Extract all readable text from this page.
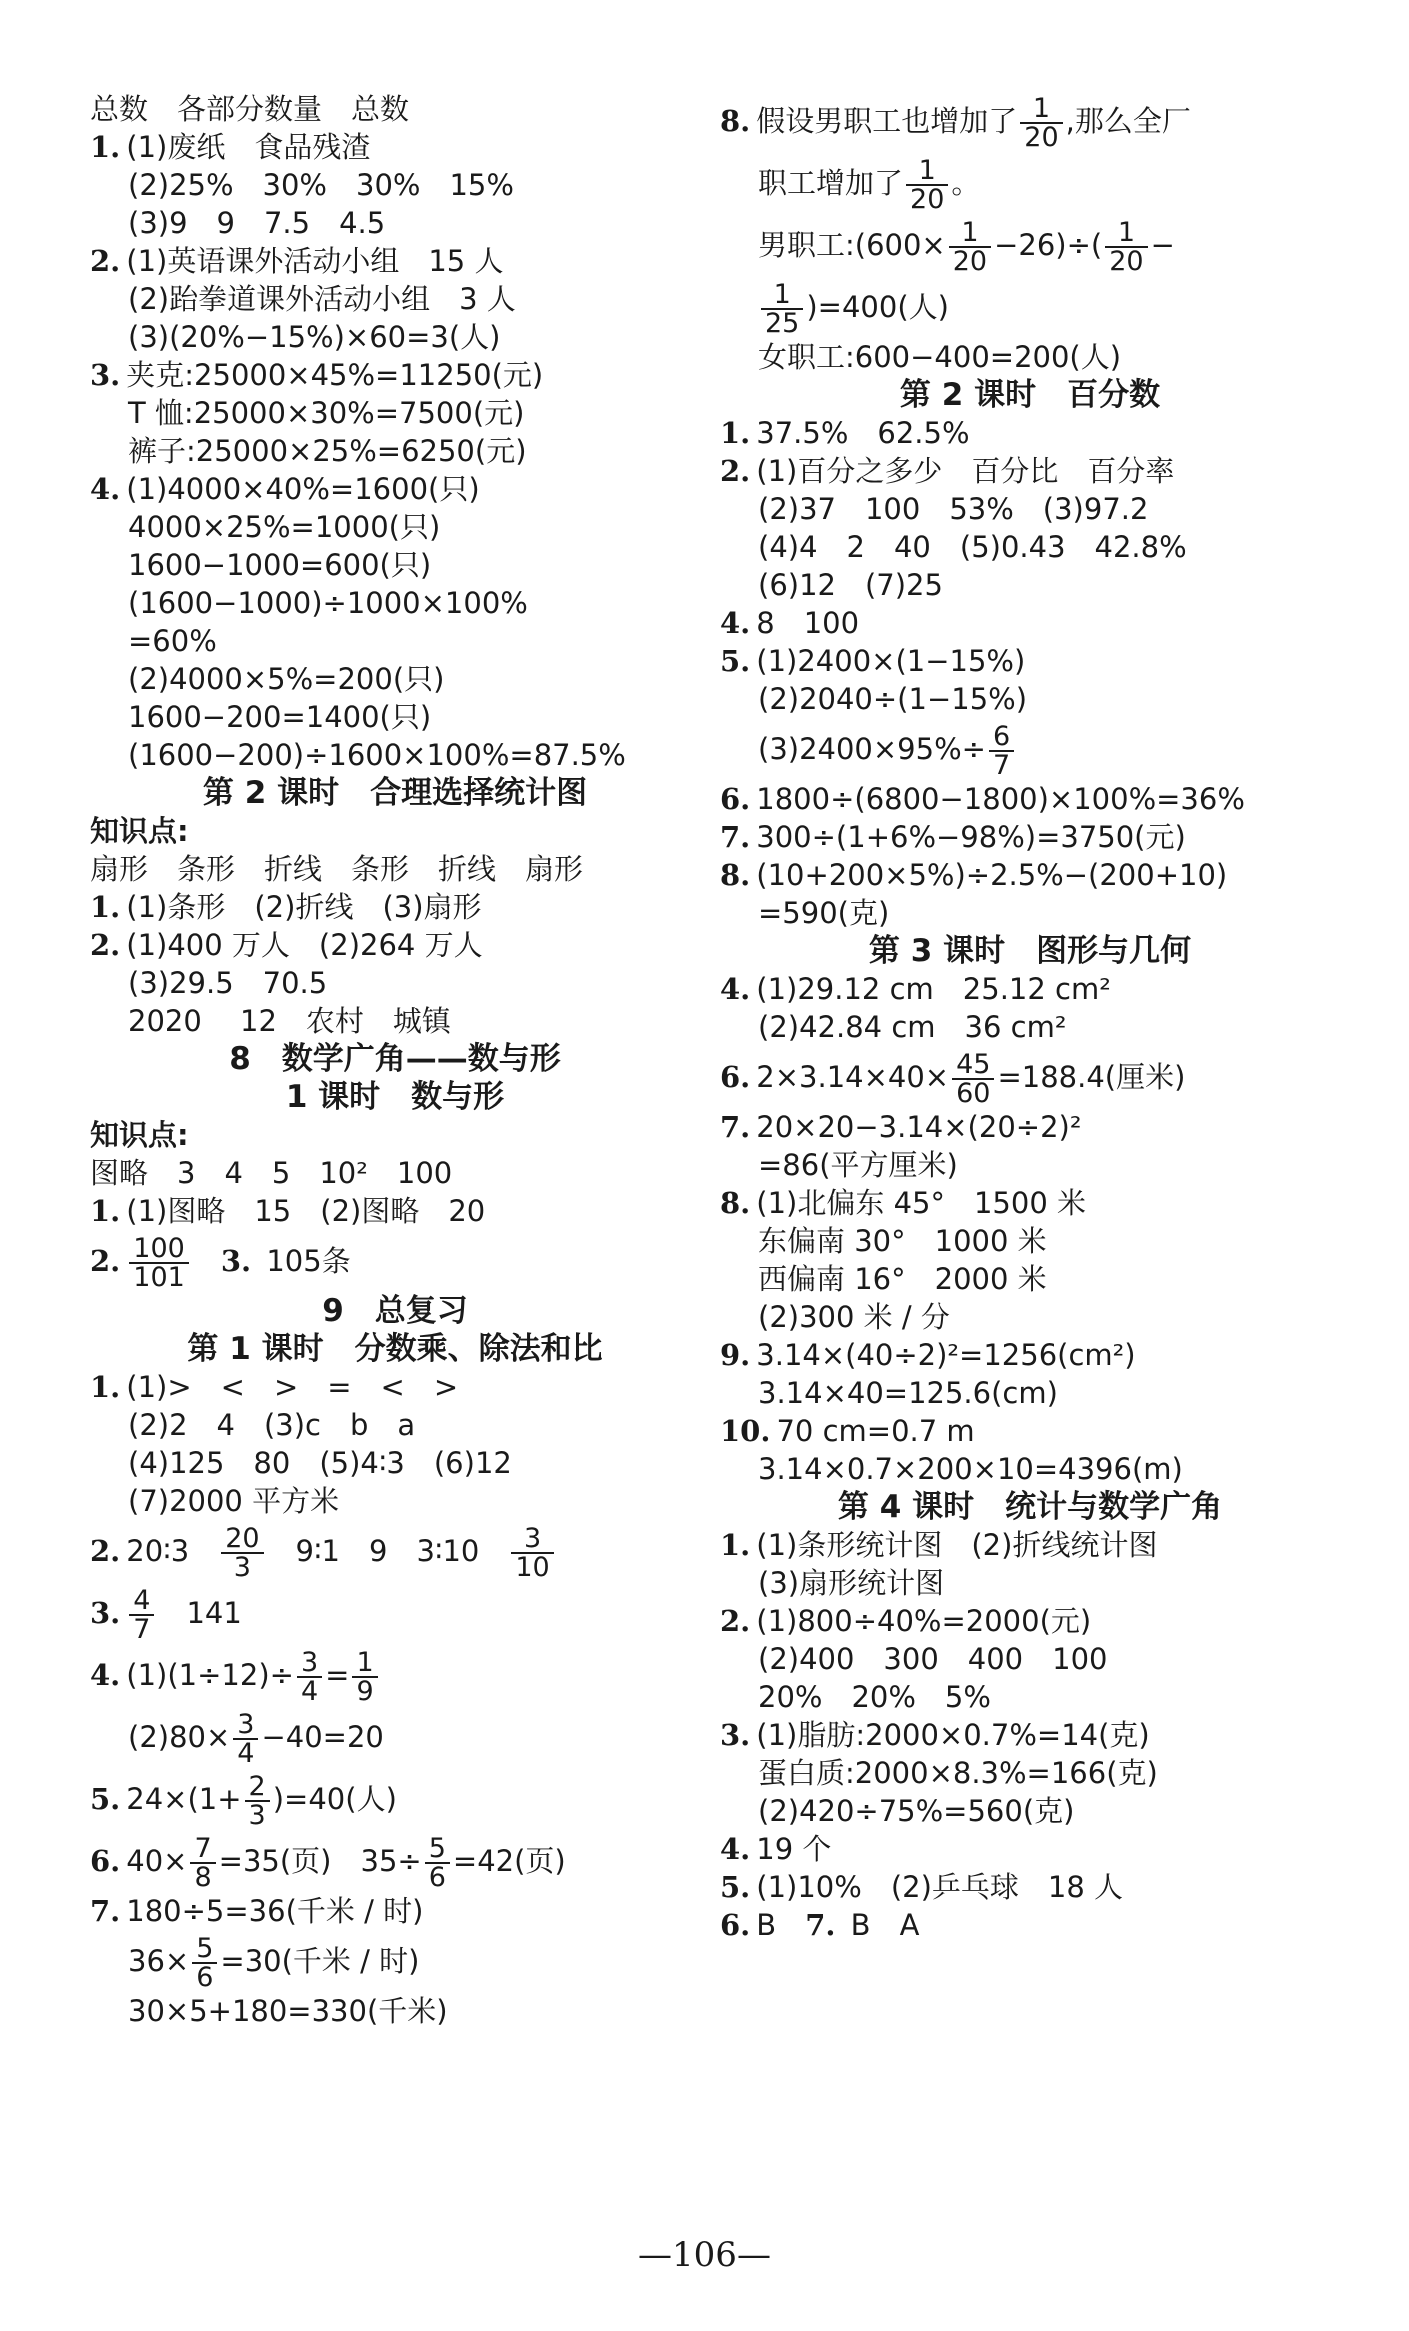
总数　各部分数量　总数
1. (1)废纸　食品残渣
(2)25%　30%　30%　15%
(3)9　9　7.5　4.5
2. (1)英语课外活动小组　15 人
(2)跆拳道课外活动小组　3 人
(3)(20%−15%)×60=3(人)
3. 夹克:25000×45%=11250(元)
T 恤:25000×30%=7500(元)
裤子:25000×25%=6250(元)
4. (1)4000×40%=1600(只)
4000×25%=1000(只)
1600−1000=600(只)
(1600−1000)÷1000×100%
=60%
(2)4000×5%=200(只)
1600−200=1400(只)
(1600−200)÷1600×100%=87.5%
第 2 课时　合理选择统计图
知识点:
扇形　条形　折线　条形　折线　扇形
1. (1)条形　(2)折线　(3)扇形
2. (1)400 万人　(2)264 万人
(3)29.5　70.5
2020　 12　农村　城镇
8　数学广角——数与形
1 课时　数与形
知识点:
图略　3　4　5　10²　100
1. (1)图略　15　(2)图略　20
2. $\frac{100}{101}$
　 3. 105条
9　总复习
第 1 课时　分数乘、除法和比
1. (1)>　<　>　=　<　>
(2)2　4　(3)c　b　a
(4)125　80　(5)4∶3　(6)12
(7)2000 平方米
2. 20∶3　 $\frac{20}{3}$ 　9∶1　9　3∶10　 $\frac{3}{10}$
3. $\frac{4}{7}$ 　141
4. $(1)(1\div 12)\div \frac{3}{4} = \frac{1}{9}$
$(2)80\times \frac{3}{4} -40=20$
5. $24\times(1+ \frac{2}{3} )=40$(人)
6. $40\times \frac{7}{8} =35$(页)　$35\div \frac{5}{6} =42$(页)
7. 180÷5=36(千米 / 时)
$36\times \frac{5}{6} =30$(千米 / 时)
30×5+180=330(千米)
8. 假设男职工也增加了 $\frac{1}{20}$ ,那么全厂
职工增加了 $\frac{1}{20}$ 。
男职工:(600× $\frac{1}{20} -26)\div( \frac{1}{20}$ −
$\frac{1}{25} )=400$(人)
女职工:600−400=200(人)
第 2 课时　百分数
1. 37.5%　62.5%
2. (1)百分之多少　百分比　百分率
(2)37　100　53%　(3)97.2
(4)4　2　40　(5)0.43　42.8%
(6)12　(7)25
4. 8　100
5. (1)2400×(1−15%)
(2)2040÷(1−15%)
$(3)2400\times 95\%\div \frac{6}{7}$
6. 1800÷(6800−1800)×100%=36%
7. 300÷(1+6%−98%)=3750(元)
8. (10+200×5%)÷2.5%−(200+10)
=590(克)
第 3 课时　图形与几何
4. (1)29.12 cm　25.12 cm²
(2)42.84 cm　36 cm²
6. $2\times 3.14\times 40\times \frac{45}{60} =188.4$(厘米)
7. 20×20−3.14×(20÷2)²
=86(平方厘米)
8. (1)北偏东 45°　1500 米
东偏南 30°　1000 米
西偏南 16°　2000 米
(2)300 米 / 分
9. 3.14×(40÷2)²=1256(cm²)
3.14×40=125.6(cm)
10. 70 cm=0.7 m
3.14×0.7×200×10=4396(m)
第 4 课时　统计与数学广角
1. (1)条形统计图　(2)折线统计图
(3)扇形统计图
2. (1)800÷40%=2000(元)
(2)400　300　400　100
20%　20%　5%
3. (1)脂肪:2000×0.7%=14(克)
蛋白质:2000×8.3%=166(克)
(2)420÷75%=560(克)
4. 19 个
5. (1)10%　(2)乒乓球　18 人
6. B　7. B　A
—106—
